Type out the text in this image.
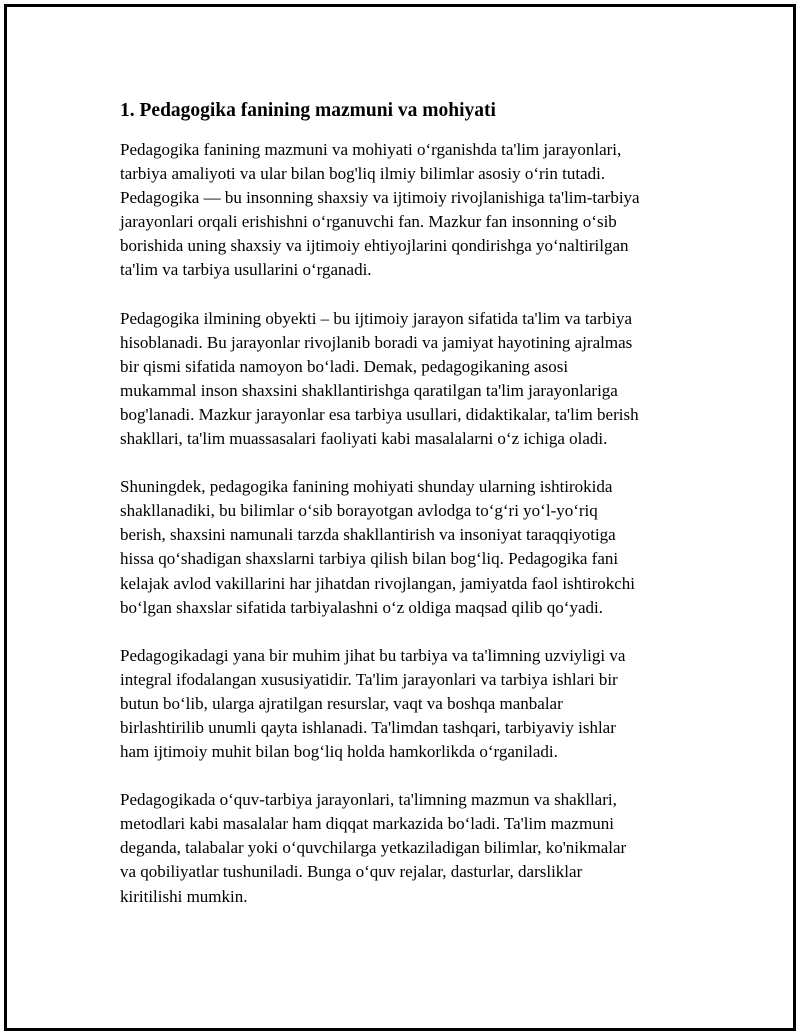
1. Pedagogika fanining mazmuni va mohiyati

Pedagogika fanining mazmuni va mohiyati o‘rganishda ta'lim jarayonlari,
tarbiya amaliyoti va ular bilan bog'liq ilmiy bilimlar asosiy o‘rin tutadi.
Pedagogika — bu insonning shaxsiy va ijtimoiy rivojlanishiga ta'lim-tarbiya
jarayonlari orqali erishishni o‘rganuvchi fan. Mazkur fan insonning o‘sib
borishida uning shaxsiy va ijtimoiy ehtiyojlarini qondirishga yo‘naltirilgan
ta'lim va tarbiya usullarini o‘rganadi.

Pedagogika ilmining obyekti – bu ijtimoiy jarayon sifatida ta'lim va tarbiya
hisoblanadi. Bu jarayonlar rivojlanib boradi va jamiyat hayotining ajralmas
bir qismi sifatida namoyon bo‘ladi. Demak, pedagogikaning asosi
mukammal inson shaxsini shakllantirishga qaratilgan ta'lim jarayonlariga
bog'lanadi. Mazkur jarayonlar esa tarbiya usullari, didaktikalar, ta'lim berish
shakllari, ta'lim muassasalari faoliyati kabi masalalarni o‘z ichiga oladi.

Shuningdek, pedagogika fanining mohiyati shunday ularning ishtirokida
shakllanadiki, bu bilimlar o‘sib borayotgan avlodga to‘g‘ri yo‘l-yo‘riq
berish, shaxsini namunali tarzda shakllantirish va insoniyat taraqqiyotiga
hissa qo‘shadigan shaxslarni tarbiya qilish bilan bog‘liq. Pedagogika fani
kelajak avlod vakillarini har jihatdan rivojlangan, jamiyatda faol ishtirokchi
bo‘lgan shaxslar sifatida tarbiyalashni o‘z oldiga maqsad qilib qo‘yadi.

Pedagogikadagi yana bir muhim jihat bu tarbiya va ta'limning uzviyligi va
integral ifodalangan xususiyatidir. Ta'lim jarayonlari va tarbiya ishlari bir
butun bo‘lib, ularga ajratilgan resurslar, vaqt va boshqa manbalar
birlashtirilib unumli qayta ishlanadi. Ta'limdan tashqari, tarbiyaviy ishlar
ham ijtimoiy muhit bilan bog‘liq holda hamkorlikda o‘rganiladi.

Pedagogikada o‘quv-tarbiya jarayonlari, ta'limning mazmun va shakllari,
metodlari kabi masalalar ham diqqat markazida bo‘ladi. Ta'lim mazmuni
deganda, talabalar yoki o‘quvchilarga yetkaziladigan bilimlar, ko'nikmalar
va qobiliyatlar tushuniladi. Bunga o‘quv rejalar, dasturlar, darsliklar
kiritilishi mumkin.
